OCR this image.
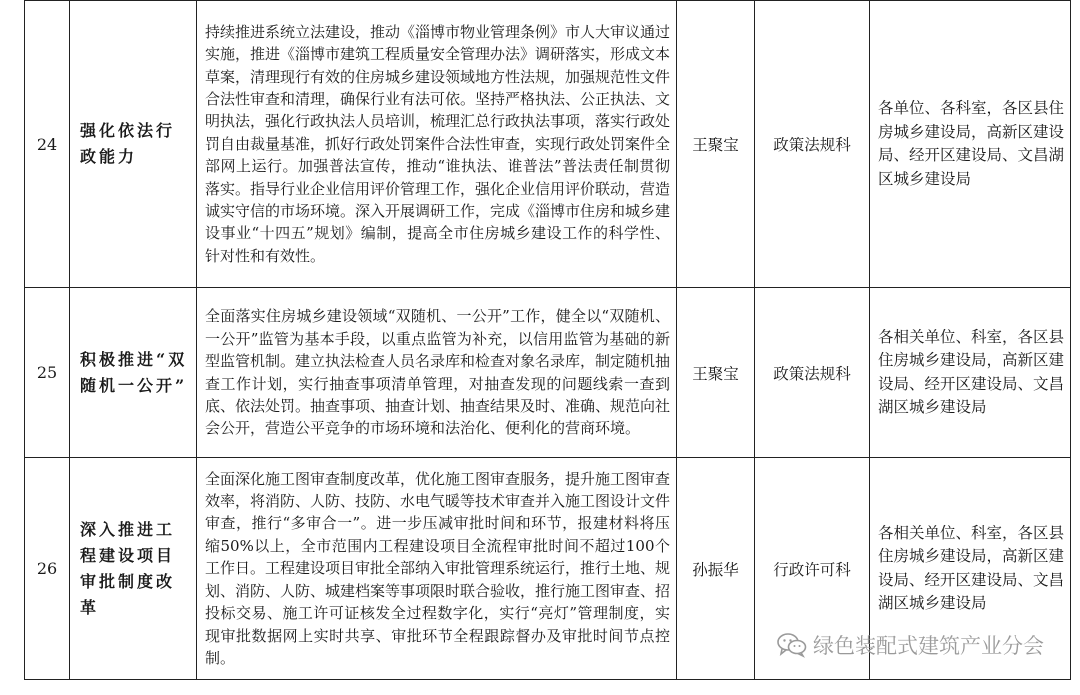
24	强化依法行政能力	持续推进系统立法建设，推动《淄博市物业管理条例》市人大审议通过实施，推进《淄博市建筑工程质量安全管理办法》调研落实，形成文本草案，清理现行有效的住房城乡建设领域地方性法规，加强规范性文件合法性审查和清理，确保行业有法可依。坚持严格执法、公正执法、文明执法，强化行政执法人员培训，梳理汇总行政执法事项，落实行政处罚自由裁量基准，抓好行政处罚案件合法性审查，实现行政处罚案件全部网上运行。加强普法宣传，推动“谁执法、谁普法”普法责任制贯彻落实。指导行业企业信用评价管理工作，强化企业信用评价联动，营造诚实守信的市场环境。深入开展调研工作，完成《淄博市住房和城乡建设事业“十四五”规划》编制，提高全市住房城乡建设工作的科学性、针对性和有效性。	王聚宝	政策法规科	各单位、各科室，各区县住房城乡建设局，高新区建设局、经开区建设局、文昌湖区城乡建设局
25	积极推进“双随机一公开”	全面落实住房城乡建设领域“双随机、一公开”工作，健全以“双随机、一公开”监管为基本手段，以重点监管为补充，以信用监管为基础的新型监管机制。建立执法检查人员名录库和检查对象名录库，制定随机抽查工作计划，实行抽查事项清单管理，对抽查发现的问题线索一查到底、依法处罚。抽查事项、抽查计划、抽查结果及时、准确、规范向社会公开，营造公平竞争的市场环境和法治化、便利化的营商环境。	王聚宝	政策法规科	各相关单位、科室，各区县住房城乡建设局，高新区建设局、经开区建设局、文昌湖区城乡建设局
26	深入推进工程建设项目审批制度改革	全面深化施工图审查制度改革，优化施工图审查服务，提升施工图审查效率，将消防、人防、技防、水电气暖等技术审查并入施工图设计文件审查，推行“多审合一”。进一步压减审批时间和环节，报建材料将压缩50%以上，全市范围内工程建设项目全流程审批时间不超过100个工作日。工程建设项目审批全部纳入审批管理系统运行，推行土地、规划、消防、人防、城建档案等事项限时联合验收，推行施工图审查、招投标交易、施工许可证核发全过程数字化，实行“亮灯”管理制度，实现审批数据网上实时共享、审批环节全程跟踪督办及审批时间节点控制。	孙振华	行政许可科	各相关单位、科室，各区县住房城乡建设局，高新区建设局、经开区建设局、文昌湖区城乡建设局
绿色装配式建筑产业分会
